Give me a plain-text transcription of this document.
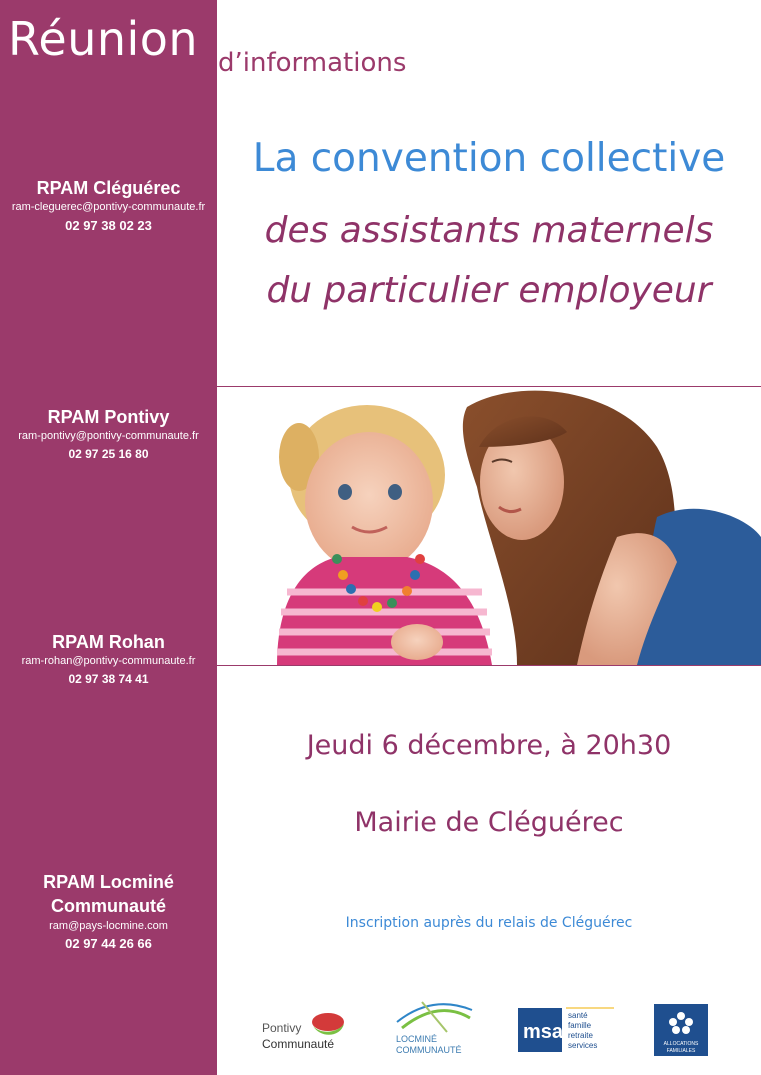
Réunion d’informations
RPAM Cléguérec
ram-cleguerec@pontivy-communaute.fr
02 97 38 02 23
RPAM Pontivy
ram-pontivy@pontivy-communaute.fr
02 97 25 16 80
RPAM Rohan
ram-rohan@pontivy-communaute.fr
02 97 38 74 41
RPAM Locminé
Communauté
ram@pays-locmine.com
02 97 44 26 66
La convention collective
des assistants maternels
du particulier employeur
Jeudi 6 décembre, à 20h30
Mairie de Cléguérec
Inscription auprès du relais de Cléguérec
Pontivy
Communauté	LOCMINÉ
COMMUNAUTÉ
msa
santé
famille
retraite
services	ALLOCATIONS
FAMILIALES
